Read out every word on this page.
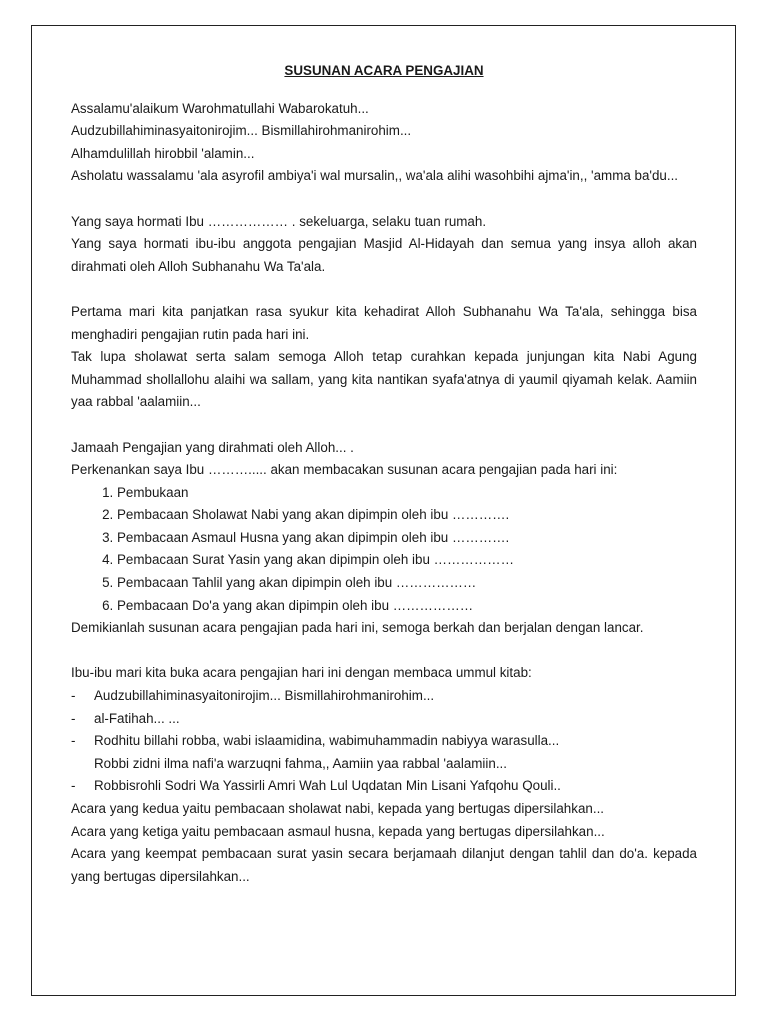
SUSUNAN ACARA PENGAJIAN

Assalamu'alaikum Warohmatullahi Wabarokatuh...

Audzubillahiminasyaitonirojim... Bismillahirohmanirohim...

Alhamdulillah hirobbil 'alamin...

Asholatu wassalamu 'ala asyrofil ambiya'i wal mursalin,, wa'ala alihi wasohbihi ajma'in,, 'amma ba'du...

Yang saya hormati Ibu ……………… . sekeluarga, selaku tuan rumah.

Yang saya hormati ibu-ibu anggota pengajian Masjid Al-Hidayah dan semua yang insya alloh akan dirahmati oleh Alloh Subhanahu Wa Ta'ala.

Pertama mari kita panjatkan rasa syukur kita kehadirat Alloh Subhanahu Wa Ta'ala, sehingga bisa menghadiri pengajian rutin pada hari ini.

Tak lupa sholawat serta salam semoga Alloh tetap curahkan kepada junjungan kita Nabi Agung Muhammad shollallohu alaihi wa sallam, yang kita nantikan syafa'atnya di yaumil qiyamah kelak. Aamiin yaa rabbal 'aalamiin...

Jamaah Pengajian yang dirahmati oleh Alloh... .

Perkenankan saya Ibu ………..... akan membacakan susunan acara pengajian pada hari ini:

1. Pembukaan
2. Pembacaan Sholawat Nabi yang akan dipimpin oleh ibu ………….
3. Pembacaan Asmaul Husna yang akan dipimpin oleh ibu ………….
4. Pembacaan Surat Yasin yang akan dipimpin oleh ibu ………………
5. Pembacaan Tahlil yang akan dipimpin oleh ibu ………………
6. Pembacaan Do'a yang akan dipimpin oleh ibu ………………

Demikianlah susunan acara pengajian pada hari ini, semoga berkah dan berjalan dengan lancar.

Ibu-ibu mari kita buka acara pengajian hari ini dengan membaca ummul kitab:

- Audzubillahiminasyaitonirojim... Bismillahirohmanirohim...
- al-Fatihah... ...
- Rodhitu billahi robba, wabi islaamidina, wabimuhammadin nabiyya warasulla...
Robbi zidni ilma nafi'a warzuqni fahma,, Aamiin yaa rabbal 'aalamiin...
- Robbisrohli Sodri Wa Yassirli Amri Wah Lul Uqdatan Min Lisani Yafqohu Qouli..

Acara yang kedua yaitu pembacaan sholawat nabi, kepada yang bertugas dipersilahkan...

Acara yang ketiga yaitu pembacaan asmaul husna, kepada yang bertugas dipersilahkan...

Acara yang keempat pembacaan surat yasin secara berjamaah dilanjut dengan tahlil dan do'a. kepada yang bertugas dipersilahkan...
